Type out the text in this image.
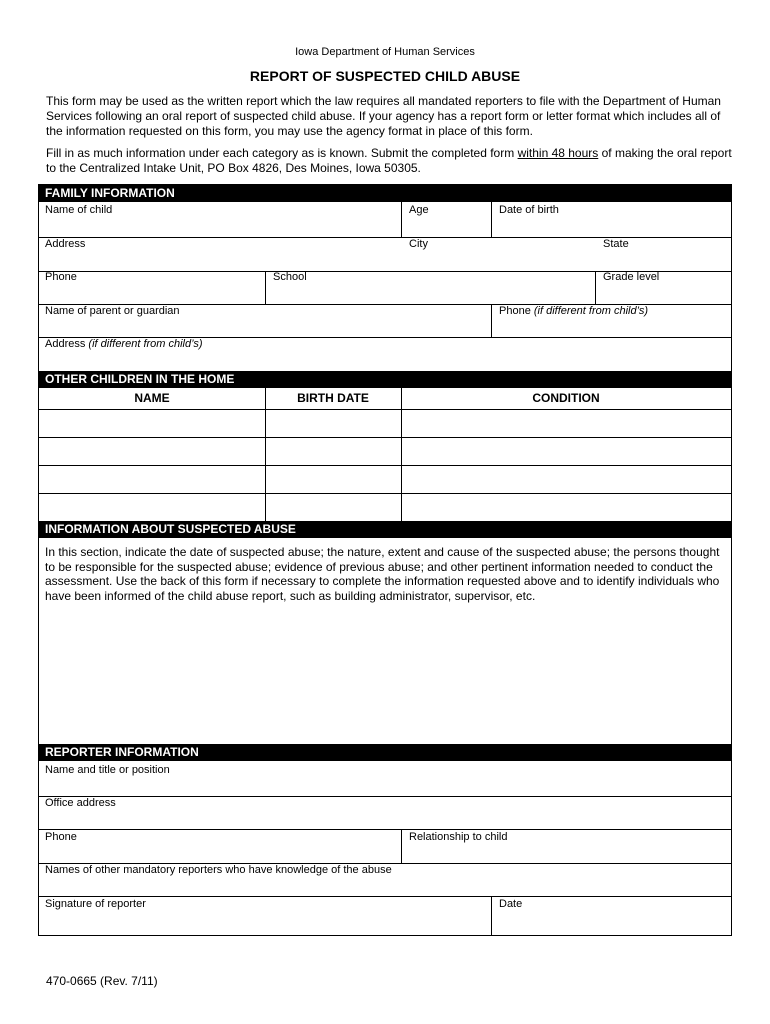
Iowa Department of Human Services
REPORT OF SUSPECTED CHILD ABUSE

This form may be used as the written report which the law requires all mandated reporters to file with the Department of Human Services following an oral report of suspected child abuse. If your agency has a report form or letter format which includes all of the information requested on this form, you may use the agency format in place of this form.

Fill in as much information under each category as is known. Submit the completed form within 48 hours of making the oral report to the Centralized Intake Unit, PO Box 4826, Des Moines, Iowa 50305.

FAMILY INFORMATION
Name of child	Age	Date of birth
Address	City	State
Phone	School	Grade level
Name of parent or guardian	Phone (if different from child’s)
Address (if different from child’s)
OTHER CHILDREN IN THE HOME
NAME	BIRTH DATE	CONDITION
INFORMATION ABOUT SUSPECTED ABUSE

In this section, indicate the date of suspected abuse; the nature, extent and cause of the suspected abuse; the persons thought to be responsible for the suspected abuse; evidence of previous abuse; and other pertinent information needed to conduct the assessment. Use the back of this form if necessary to complete the information requested above and to identify individuals who have been informed of the child abuse report, such as building administrator, supervisor, etc.

REPORTER INFORMATION
Name and title or position
Office address
Phone	Relationship to child
Names of other mandatory reporters who have knowledge of the abuse
Signature of reporter	Date
470-0665 (Rev. 7/11)
